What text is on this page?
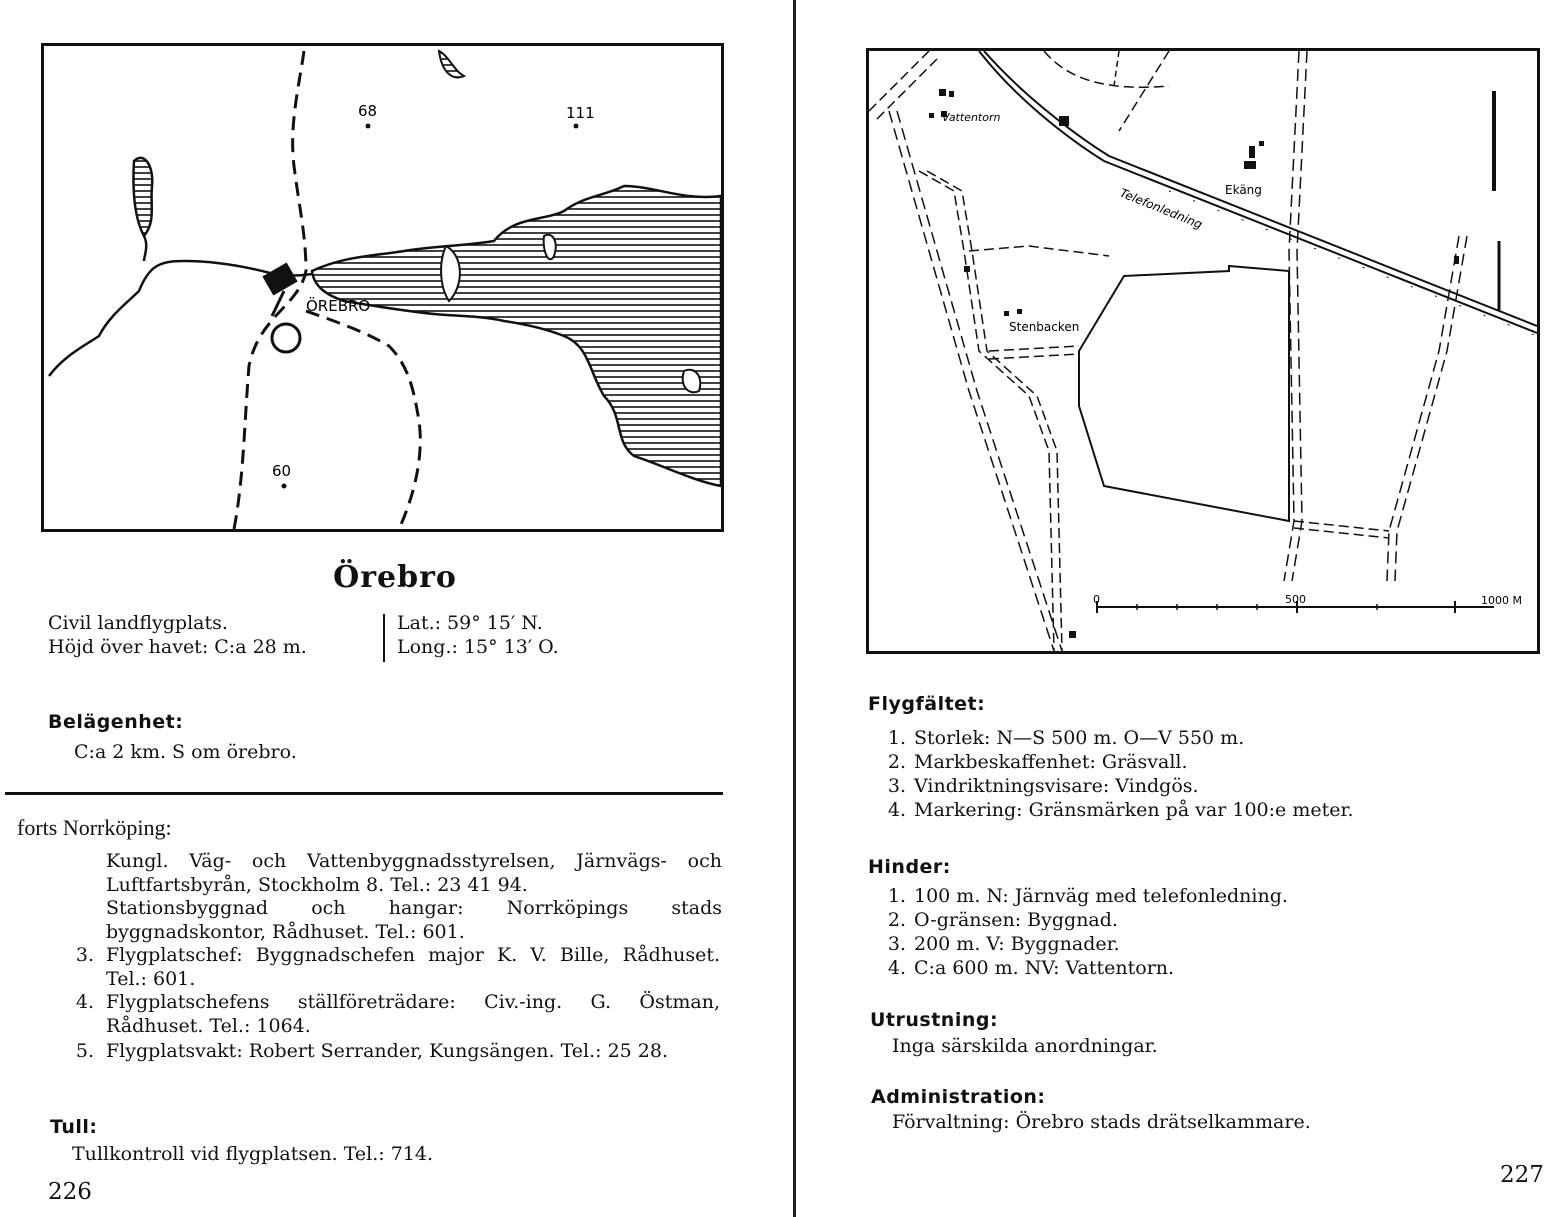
ÖREBRO
68	111
60
Örebro
Civil landflygplats.
Höjd över havet: C:a 28 m.
Lat.: 59° 15′ N.
Long.: 15° 13′ O.
Belägenhet:
C:a 2 km. S om örebro.
forts Norrköping:
Kungl. Väg- och Vattenbyggnadsstyrelsen, Järnvägs- och Luftfartsbyrån, Stockholm 8. Tel.: 23 41 94.
Stationsbyggnad och hangar: Norrköpings stads byggnadskontor, Rådhuset. Tel.: 601.
3. Flygplatschef: Byggnadschefen major K. V. Bille, Rådhuset. Tel.: 601.
4. Flygplatschefens ställföreträdare: Civ.-ing. G. Östman, Rådhuset. Tel.: 1064.
5. Flygplatsvakt: Robert Serrander, Kungsängen. Tel.: 25 28.
Tull:
Tullkontroll vid flygplatsen. Tel.: 714.
226
Vattentorn
Ekäng
Telefonledning
Stenbacken
0	500	1000 M
Flygfältet:
1. Storlek: N—S 500 m. O—V 550 m.
2. Markbeskaffenhet: Gräsvall.
3. Vindriktningsvisare: Vindgös.
4. Markering: Gränsmärken på var 100:e meter.
Hinder:
1. 100 m. N: Järnväg med telefonledning.
2. O-gränsen: Byggnad.
3. 200 m. V: Byggnader.
4. C:a 600 m. NV: Vattentorn.
Utrustning:
Inga särskilda anordningar.
Administration:
Förvaltning: Örebro stads drätselkammare.
227
